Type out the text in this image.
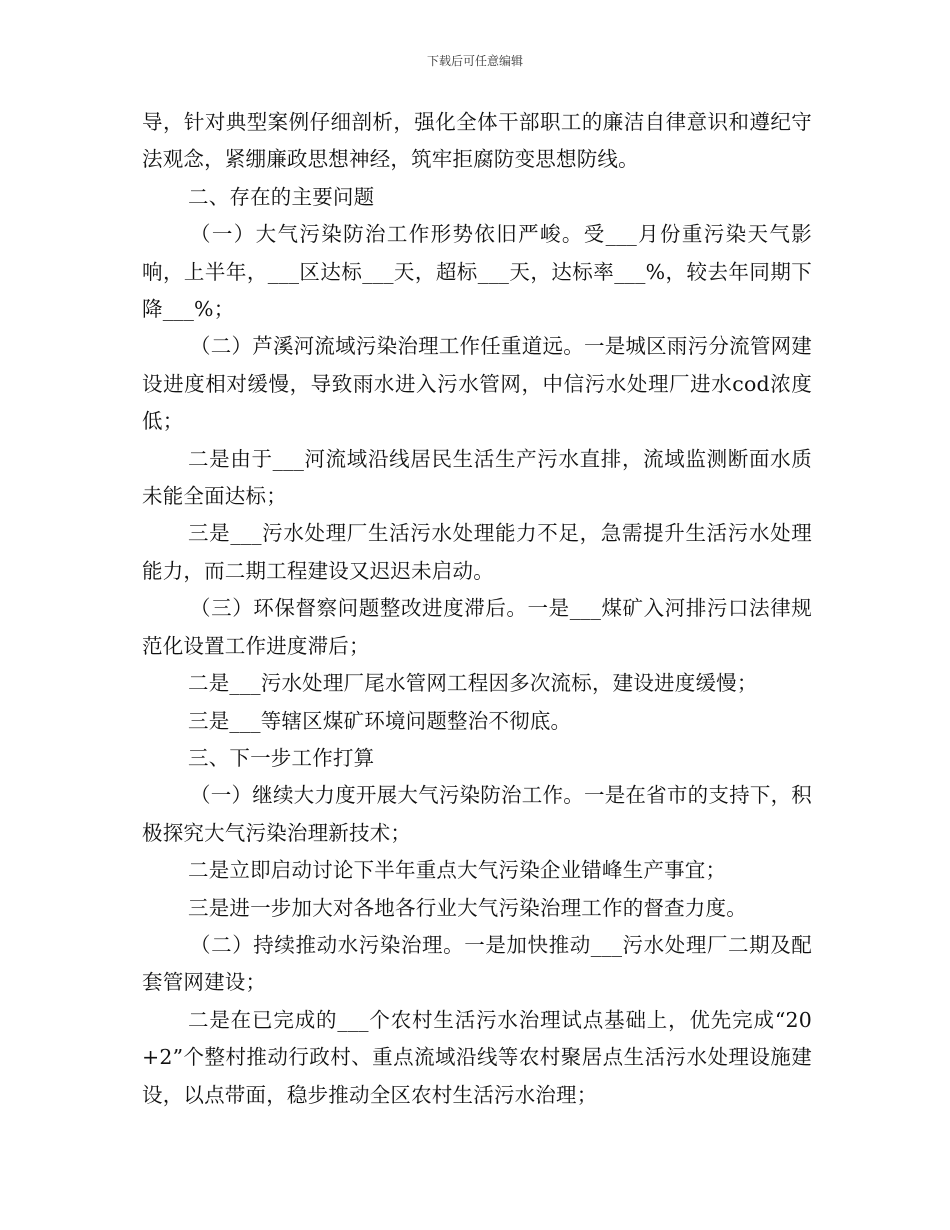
下载后可任意编辑

导，针对典型案例仔细剖析，强化全体干部职工的廉洁自律意识和遵纪守法观念，紧绷廉政思想神经，筑牢拒腐防变思想防线。

二、存在的主要问题

（一）大气污染防治工作形势依旧严峻。受___月份重污染天气影响，上半年，___区达标___天，超标___天，达标率___%，较去年同期下降___%；

（二）芦溪河流域污染治理工作任重道远。一是城区雨污分流管网建设进度相对缓慢，导致雨水进入污水管网，中信污水处理厂进水cod浓度低；

二是由于___河流域沿线居民生活生产污水直排，流域监测断面水质未能全面达标；

三是___污水处理厂生活污水处理能力不足，急需提升生活污水处理能力，而二期工程建设又迟迟未启动。

（三）环保督察问题整改进度滞后。一是___煤矿入河排污口法律规范化设置工作进度滞后；

二是___污水处理厂尾水管网工程因多次流标，建设进度缓慢；

三是___等辖区煤矿环境问题整治不彻底。

三、下一步工作打算

（一）继续大力度开展大气污染防治工作。一是在省市的支持下，积极探究大气污染治理新技术；

二是立即启动讨论下半年重点大气污染企业错峰生产事宜；

三是进一步加大对各地各行业大气污染治理工作的督查力度。

（二）持续推动水污染治理。一是加快推动___污水处理厂二期及配套管网建设；

二是在已完成的___个农村生活污水治理试点基础上，优先完成“20+2”个整村推动行政村、重点流域沿线等农村聚居点生活污水处理设施建设，以点带面，稳步推动全区农村生活污水治理；
